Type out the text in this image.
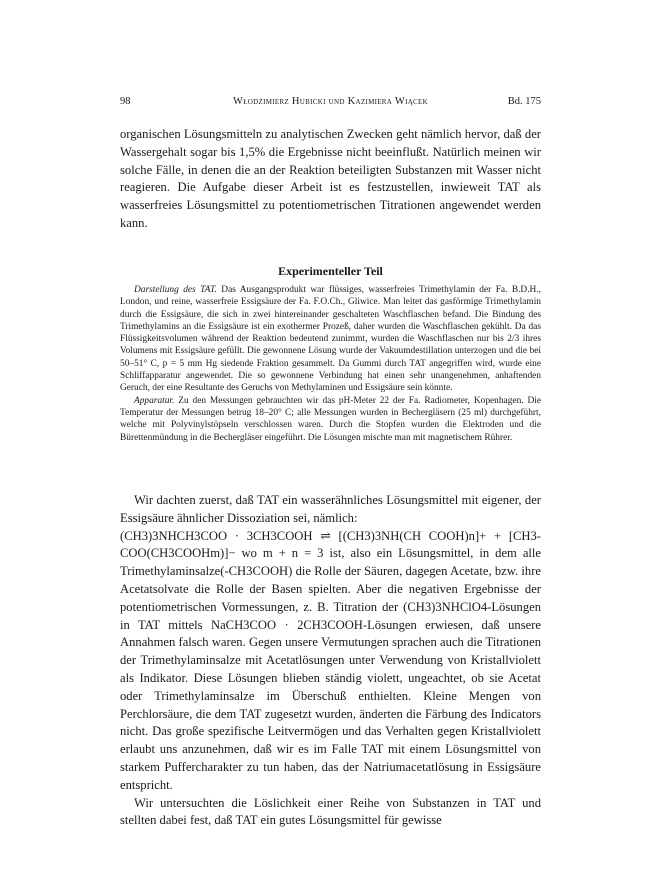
98	Włodzimierz Hubicki und Kazimiera Wiącek	Bd. 175

organischen Lösungsmitteln zu analytischen Zwecken geht nämlich hervor, daß der Wassergehalt sogar bis 1,5% die Ergebnisse nicht beeinflußt. Natürlich meinen wir solche Fälle, in denen die an der Reaktion beteiligten Substanzen mit Wasser nicht reagieren. Die Aufgabe dieser Arbeit ist es festzustellen, inwieweit TAT als wasserfreies Lösungsmittel zu potentiometrischen Titrationen angewendet werden kann.

Experimenteller Teil

Darstellung des TAT. Das Ausgangsprodukt war flüssiges, wasserfreies Trimethylamin der Fa. B.D.H., London, und reine, wasserfreie Essigsäure der Fa. F.O.Ch., Gliwice. Man leitet das gasförmige Trimethylamin durch die Essigsäure, die sich in zwei hintereinander geschalteten Waschflaschen befand. Die Bindung des Trimethylamins an die Essigsäure ist ein exothermer Prozeß, daher wurden die Waschflaschen gekühlt. Da das Flüssigkeitsvolumen während der Reaktion bedeutend zunimmt, wurden die Waschflaschen nur bis 2/3 ihres Volumens mit Essigsäure gefüllt. Die gewonnene Lösung wurde der Vakuumdestillation unterzogen und die bei 50–51° C, p = 5 mm Hg siedende Fraktion gesammelt. Da Gummi durch TAT angegriffen wird, wurde eine Schliffapparatur angewendet. Die so gewonnene Verbindung hat einen sehr unangenehmen, anhaftenden Geruch, der eine Resultante des Geruchs von Methylaminen und Essigsäure sein könnte.

Apparatur. Zu den Messungen gebrauchten wir das pH-Meter 22 der Fa. Radiometer, Kopenhagen. Die Temperatur der Messungen betrug 18–20° C; alle Messungen wurden in Bechergläsern (25 ml) durchgeführt, welche mit Polyvinylstöpseln verschlossen waren. Durch die Stopfen wurden die Elektroden und die Bürettenmündung in die Bechergläser eingeführt. Die Lösungen mischte man mit magnetischem Rührer.

Wir dachten zuerst, daß TAT ein wasserähnliches Lösungsmittel mit eigener, der Essigsäure ähnlicher Dissoziation sei, nämlich:
(CH3)3NHCH3COO · 3CH3COOH ⇌ [(CH3)3NH(CH COOH)n]+ + [CH3-COO(CH3COOHm)]− wo m + n = 3 ist, also ein Lösungsmittel, in dem alle Trimethylaminsalze(-CH3COOH) die Rolle der Säuren, dagegen Acetate, bzw. ihre Acetatsolvate die Rolle der Basen spielten. Aber die negativen Ergebnisse der potentiometrischen Vormessungen, z. B. Titration der (CH3)3NHClO4-Lösungen in TAT mittels NaCH3COO · 2CH3COOH-Lösungen erwiesen, daß unsere Annahmen falsch waren. Gegen unsere Vermutungen sprachen auch die Titrationen der Trimethylaminsalze mit Acetatlösungen unter Verwendung von Kristallviolett als Indikator. Diese Lösungen blieben ständig violett, ungeachtet, ob sie Acetat oder Trimethylaminsalze im Überschuß enthielten. Kleine Mengen von Perchlorsäure, die dem TAT zugesetzt wurden, änderten die Färbung des Indicators nicht. Das große spezifische Leitvermögen und das Verhalten gegen Kristallviolett erlaubt uns anzunehmen, daß wir es im Falle TAT mit einem Lösungsmittel von starkem Puffercharakter zu tun haben, das der Natriumacetatlösung in Essigsäure entspricht.

Wir untersuchten die Löslichkeit einer Reihe von Substanzen in TAT und stellten dabei fest, daß TAT ein gutes Lösungsmittel für gewisse
